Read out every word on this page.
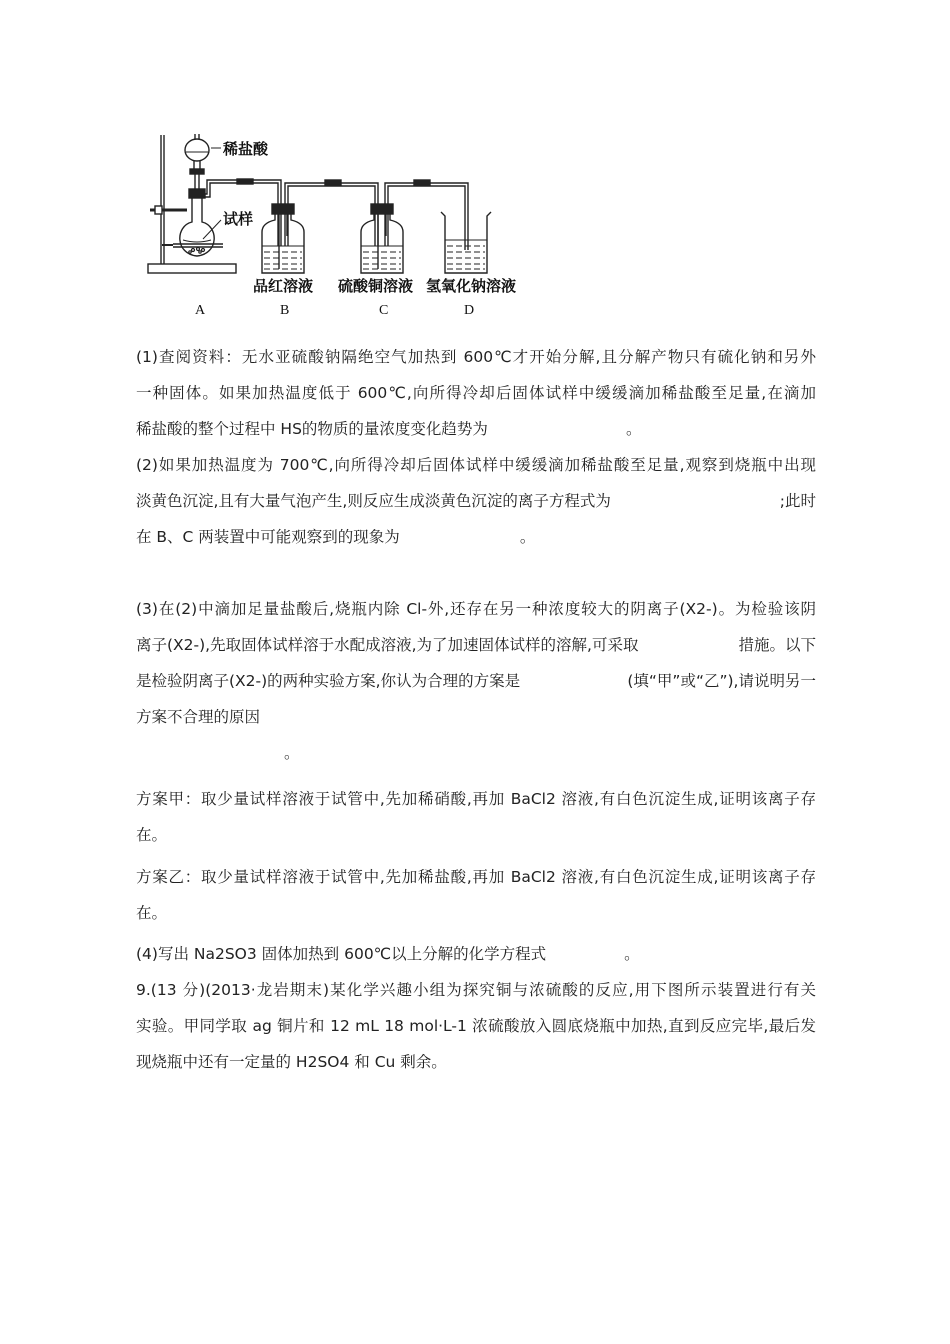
稀盐酸
试样
品红溶液 硫酸铜溶液 氢氧化钠溶液
A	B	C	D
(1)查阅资料：无水亚硫酸钠隔绝空气加热到 600℃才开始分解,且分解产物只有硫化钠和另外
一种固体。如果加热温度低于 600℃,向所得冷却后固体试样中缓缓滴加稀盐酸至足量,在滴加
稀盐酸的整个过程中 HS的物质的量浓度变化趋势为	。
(2)如果加热温度为 700℃,向所得冷却后固体试样中缓缓滴加稀盐酸至足量,观察到烧瓶中出现
淡黄色沉淀,且有大量气泡产生,则反应生成淡黄色沉淀的离子方程式为	;此时
在 B、C 两装置中可能观察到的现象为	。
(3)在(2)中滴加足量盐酸后,烧瓶内除 Cl-外,还存在另一种浓度较大的阴离子(X2-)。为检验该阴
离子(X2-),先取固体试样溶于水配成溶液,为了加速固体试样的溶解,可采取	措施。以下
是检验阴离子(X2-)的两种实验方案,你认为合理的方案是	(填“甲”或“乙”),请说明另一
方案不合理的原因
。
方案甲：取少量试样溶液于试管中,先加稀硝酸,再加 BaCl2 溶液,有白色沉淀生成,证明该离子存
在。
方案乙：取少量试样溶液于试管中,先加稀盐酸,再加 BaCl2 溶液,有白色沉淀生成,证明该离子存
在。
(4)写出 Na2SO3 固体加热到 600℃以上分解的化学方程式	。
9.(13 分)(2013·龙岩期末)某化学兴趣小组为探究铜与浓硫酸的反应,用下图所示装置进行有关
实验。甲同学取 ag 铜片和 12 mL 18 mol·L-1 浓硫酸放入圆底烧瓶中加热,直到反应完毕,最后发
现烧瓶中还有一定量的 H2SO4 和 Cu 剩余。
